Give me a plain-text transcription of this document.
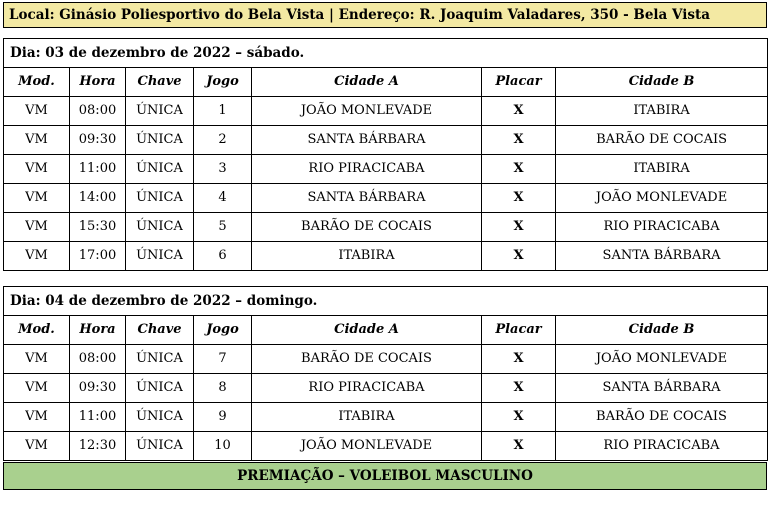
Local: Ginásio Poliesportivo do Bela Vista | Endereço: R. Joaquim Valadares, 350 - Bela Vista
Dia: 03 de dezembro de 2022 – sábado.						
Mod.	Hora	Chave	Jogo	Cidade A	Placar	Cidade B
VM	08:00	ÚNICA	1	JOÃO MONLEVADE	X	ITABIRA
VM	09:30	ÚNICA	2	SANTA BÁRBARA	X	BARÃO DE COCAIS
VM	11:00	ÚNICA	3	RIO PIRACICABA	X	ITABIRA
VM	14:00	ÚNICA	4	SANTA BÁRBARA	X	JOÃO MONLEVADE
VM	15:30	ÚNICA	5	BARÃO DE COCAIS	X	RIO PIRACICABA
VM	17:00	ÚNICA	6	ITABIRA	X	SANTA BÁRBARA
Dia: 04 de dezembro de 2022 – domingo.						
Mod.	Hora	Chave	Jogo	Cidade A	Placar	Cidade B
VM	08:00	ÚNICA	7	BARÃO DE COCAIS	X	JOÃO MONLEVADE
VM	09:30	ÚNICA	8	RIO PIRACICABA	X	SANTA BÁRBARA
VM	11:00	ÚNICA	9	ITABIRA	X	BARÃO DE COCAIS
VM	12:30	ÚNICA	10	JOÃO MONLEVADE	X	RIO PIRACICABA
PREMIAÇÃO – VOLEIBOL MASCULINO
